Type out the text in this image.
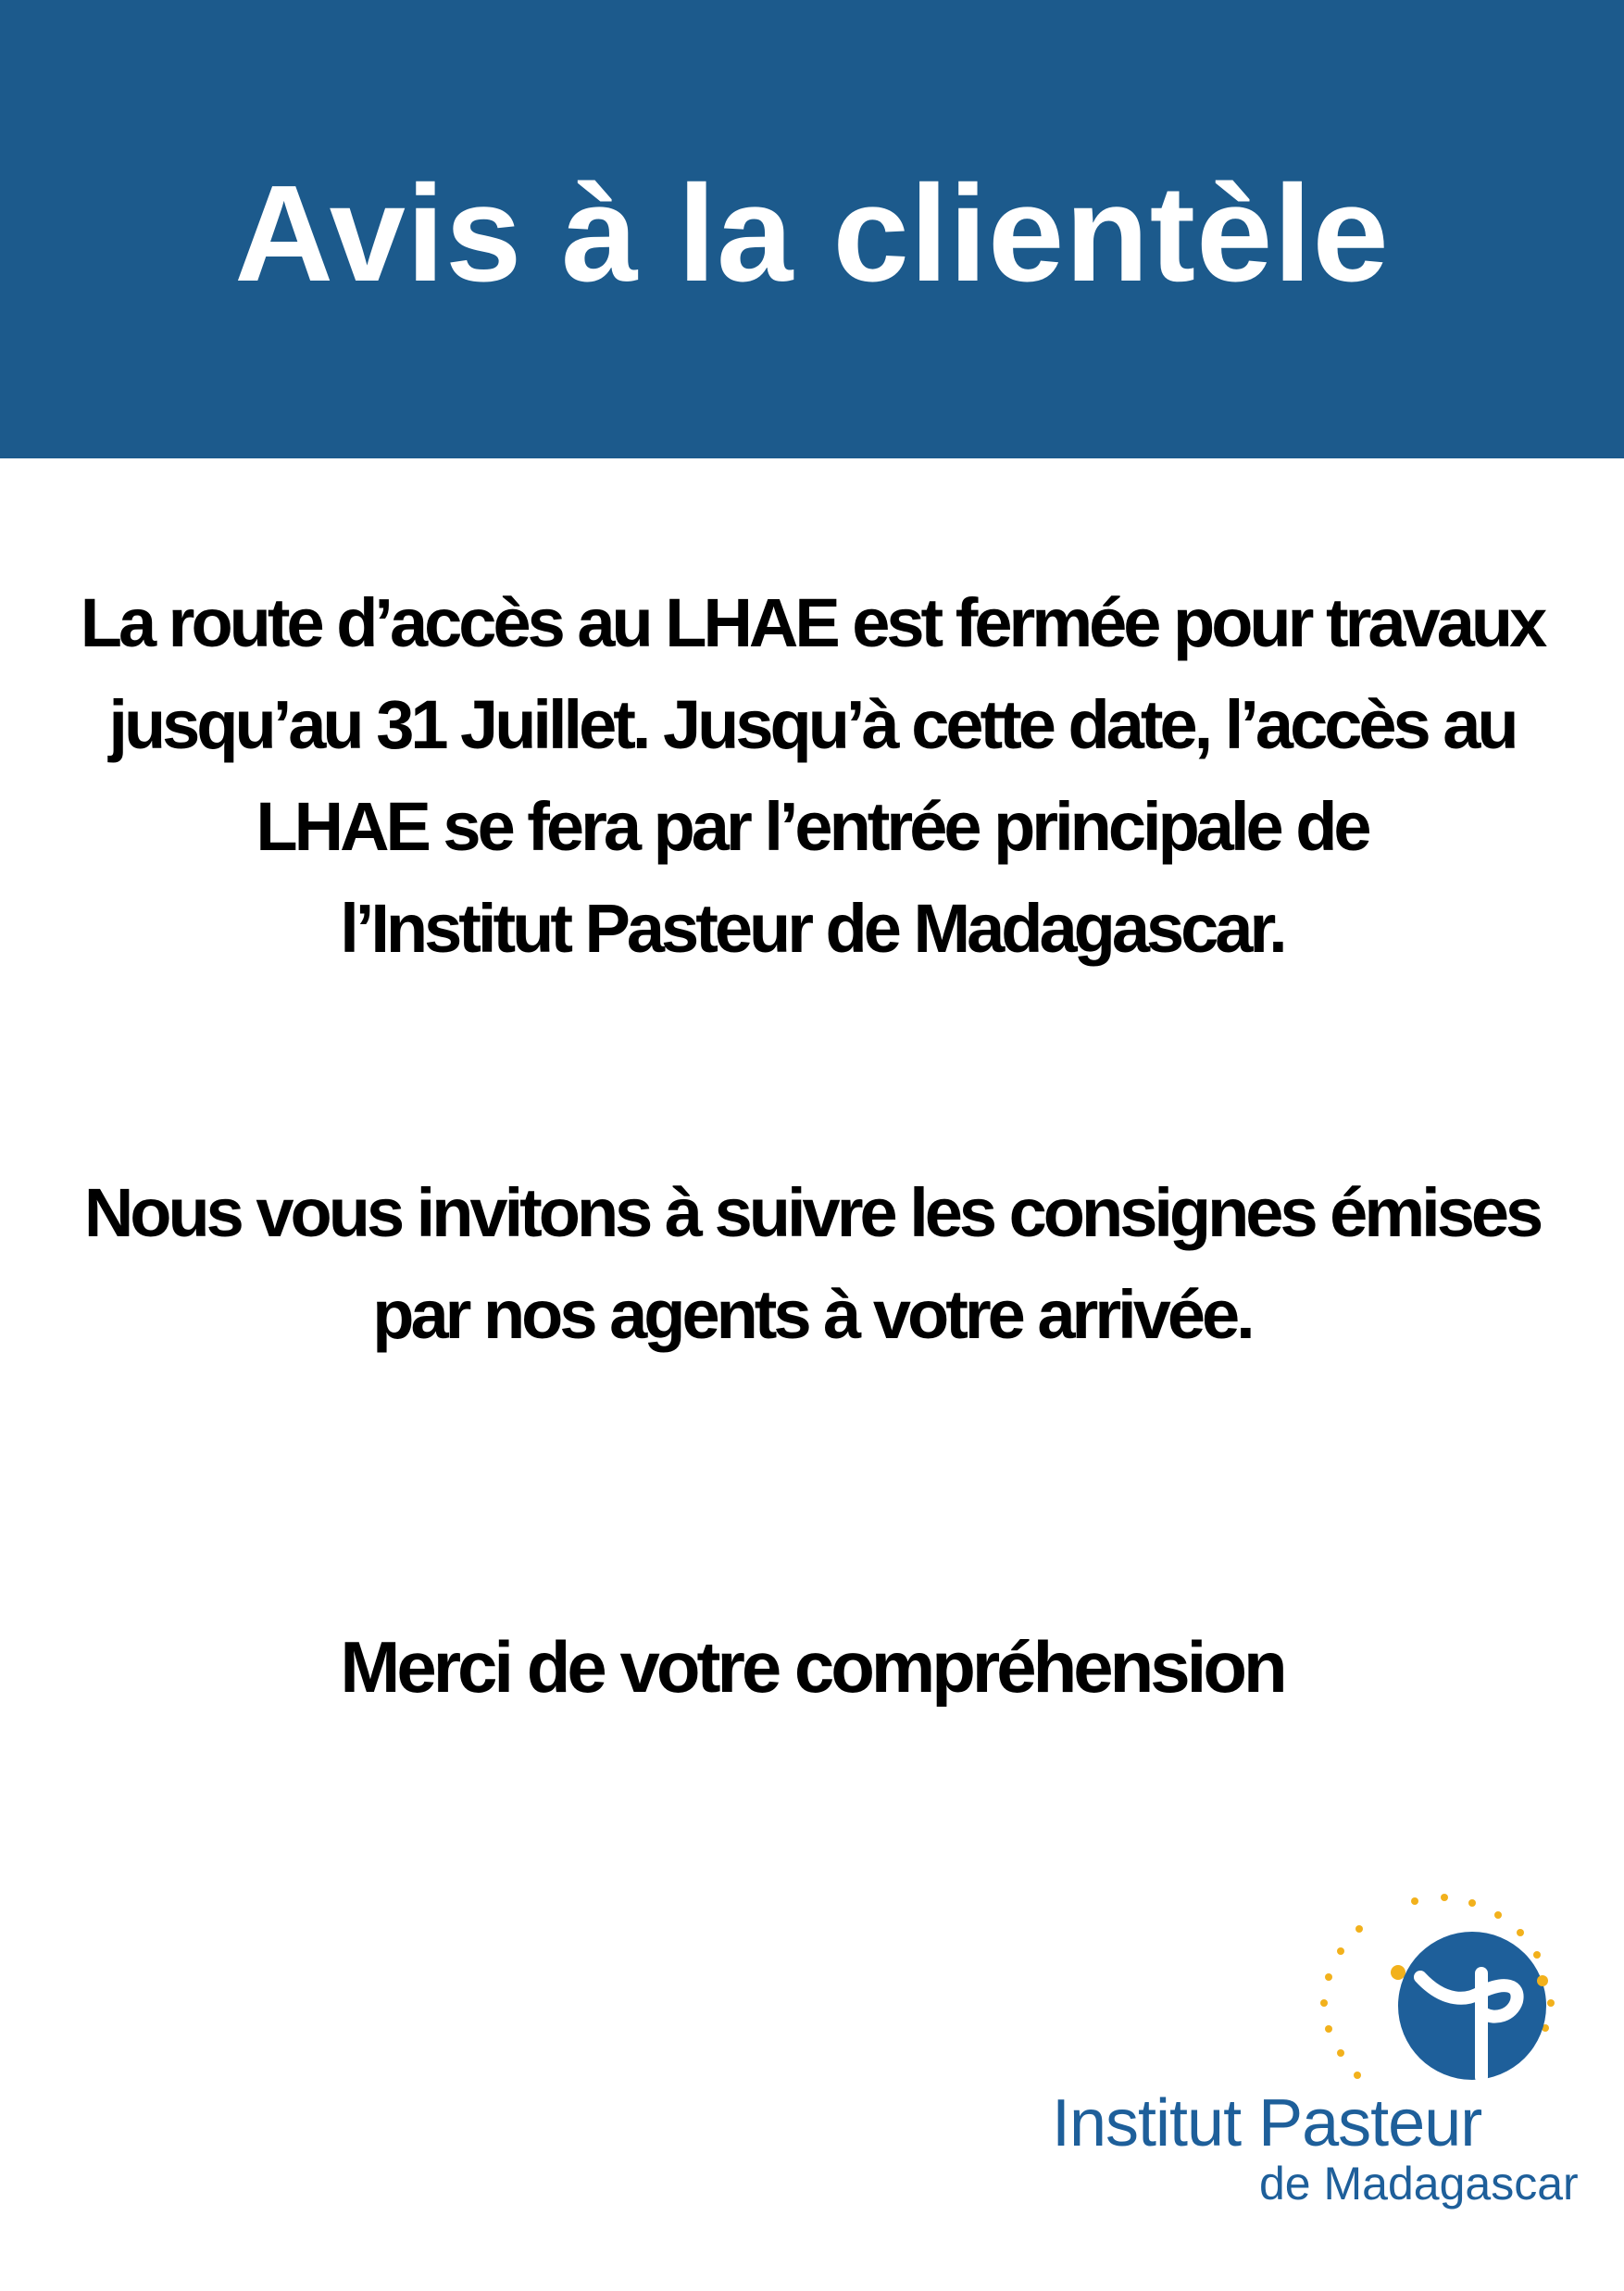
Avis à la clientèle
La route d’accès au LHAE est fermée pour travaux
jusqu’au 31 Juillet. Jusqu’à cette date, l’accès au
LHAE se fera par l’entrée principale de
l’Institut Pasteur de Madagascar.
Nous vous invitons à suivre les consignes émises
par nos agents à votre arrivée.
Merci de votre compréhension
Institut Pasteur
de Madagascar
